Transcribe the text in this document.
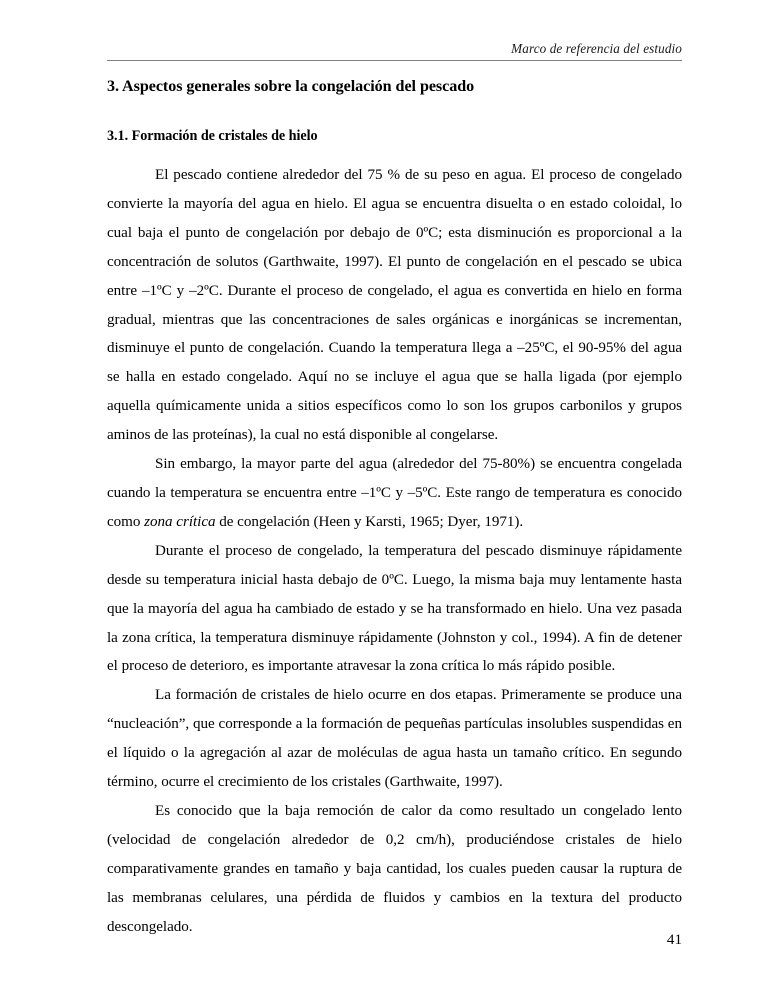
Marco de referencia del estudio
3. Aspectos generales sobre la congelación del pescado
3.1. Formación de cristales de hielo

El pescado contiene alrededor del 75 % de su peso en agua. El proceso de congelado convierte la mayoría del agua en hielo. El agua se encuentra disuelta o en estado coloidal, lo cual baja el punto de congelación por debajo de 0ºC; esta disminución es proporcional a la concentración de solutos (Garthwaite, 1997). El punto de congelación en el pescado se ubica entre –1ºC y –2ºC. Durante el proceso de congelado, el agua es convertida en hielo en forma gradual, mientras que las concentraciones de sales orgánicas e inorgánicas se incrementan, disminuye el punto de congelación. Cuando la temperatura llega a –25ºC, el 90-95% del agua se halla en estado congelado. Aquí no se incluye el agua que se halla ligada (por ejemplo aquella químicamente unida a sitios específicos como lo son los grupos carbonilos y grupos aminos de las proteínas), la cual no está disponible al congelarse.

Sin embargo, la mayor parte del agua (alrededor del 75-80%) se encuentra congelada cuando la temperatura se encuentra entre –1ºC y –5ºC. Este rango de temperatura es conocido como zona crítica de congelación (Heen y Karsti, 1965; Dyer, 1971).

Durante el proceso de congelado, la temperatura del pescado disminuye rápidamente desde su temperatura inicial hasta debajo de 0ºC. Luego, la misma baja muy lentamente hasta que la mayoría del agua ha cambiado de estado y se ha transformado en hielo. Una vez pasada la zona crítica, la temperatura disminuye rápidamente (Johnston y col., 1994). A fin de detener el proceso de deterioro, es importante atravesar la zona crítica lo más rápido posible.

La formación de cristales de hielo ocurre en dos etapas. Primeramente se produce una “nucleación”, que corresponde a la formación de pequeñas partículas insolubles suspendidas en el líquido o la agregación al azar de moléculas de agua hasta un tamaño crítico. En segundo término, ocurre el crecimiento de los cristales (Garthwaite, 1997).

Es conocido que la baja remoción de calor da como resultado un congelado lento (velocidad de congelación alrededor de 0,2 cm/h), produciéndose cristales de hielo comparativamente grandes en tamaño y baja cantidad, los cuales pueden causar la ruptura de las membranas celulares, una pérdida de fluidos y cambios en la textura del producto descongelado.

41
